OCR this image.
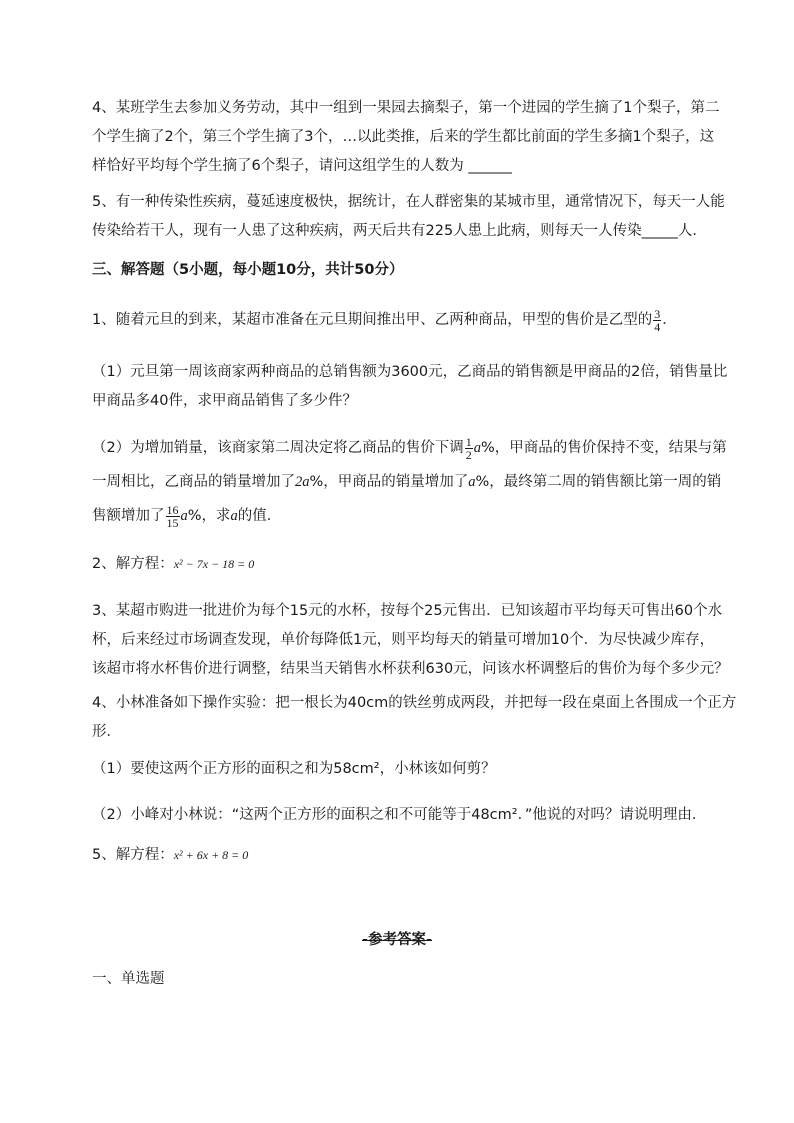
4、某班学生去参加义务劳动，其中一组到一果园去摘梨子，第一个进园的学生摘了1个梨子，第二
个学生摘了2个，第三个学生摘了3个，…以此类推，后来的学生都比前面的学生多摘1个梨子，这
样恰好平均每个学生摘了6个梨子，请问这组学生的人数为 ______
5、有一种传染性疾病，蔓延速度极快，据统计，在人群密集的某城市里，通常情况下，每天一人能
传染给若干人，现有一人患了这种疾病，两天后共有225人患上此病，则每天一人传染_____人．
三、解答题（5小题，每小题10分，共计50分）
1、随着元旦的到来，某超市准备在元旦期间推出甲、乙两种商品，甲型的售价是乙型的 $\frac{3}{4}$ ．
（1）元旦第一周该商家两种商品的总销售额为3600元，乙商品的销售额是甲商品的2倍，销售量比
甲商品多40件，求甲商品销售了多少件？
（2）为增加销量，该商家第二周决定将乙商品的售价下调 $\frac{1}{2} a\%$，甲商品的售价保持不变，结果与第
一周相比，乙商品的销量增加了2a%，甲商品的销量增加了a%，最终第二周的销售额比第一周的销
售额增加了 $\frac{16}{15} a\%$，求a的值．
2、解方程：x² − 7x − 18 = 0
3、某超市购进一批进价为每个15元的水杯，按每个25元售出．已知该超市平均每天可售出60个水
杯，后来经过市场调查发现，单价每降低1元，则平均每天的销量可增加10个．为尽快减少库存，
该超市将水杯售价进行调整，结果当天销售水杯获利630元，问该水杯调整后的售价为每个多少元？
4、小林准备如下操作实验：把一根长为40cm的铁丝剪成两段，并把每一段在桌面上各围成一个正方
形．
（1）要使这两个正方形的面积之和为58cm²，小林该如何剪？
（2）小峰对小林说：“这两个正方形的面积之和不可能等于48cm²．”他说的对吗？请说明理由．
5、解方程：x² + 6x + 8 = 0
-参考答案-
一、单选题
